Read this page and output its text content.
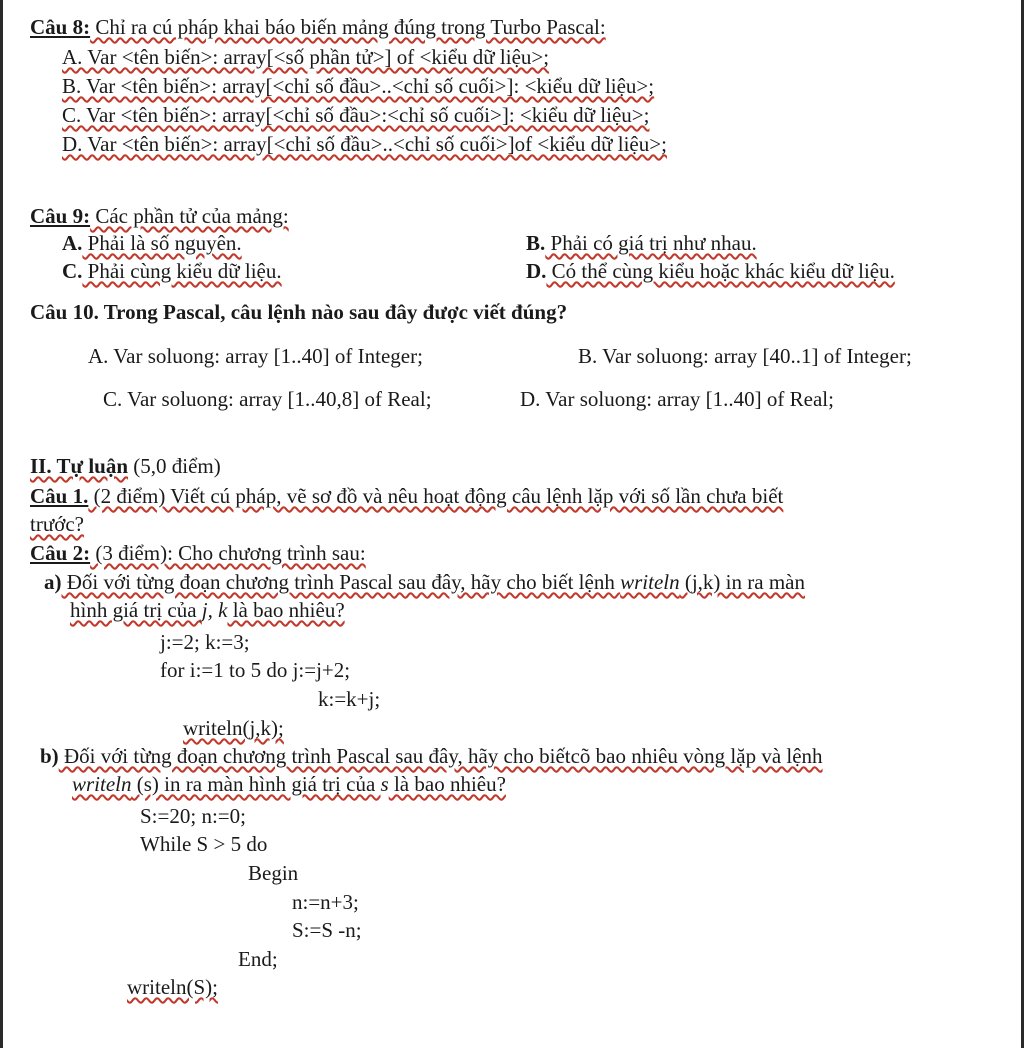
Câu 8: Chỉ ra cú pháp khai báo biến mảng đúng trong Turbo Pascal:
A. Var <tên biến>: array[<số phần tử>] of <kiểu dữ liệu>;
B. Var <tên biến>: array[<chỉ số đầu>..<chỉ số cuối>]: <kiểu dữ liệu>;
C. Var <tên biến>: array[<chỉ số đầu>:<chỉ số cuối>]: <kiểu dữ liệu>;
D. Var <tên biến>: array[<chỉ số đầu>..<chỉ số cuối>]of <kiểu dữ liệu>;
Câu 9: Các phần tử của mảng:
A. Phải là số nguyên.	B. Phải có giá trị như nhau.
C. Phải cùng kiểu dữ liệu.	D. Có thể cùng kiểu hoặc khác kiểu dữ liệu.
Câu 10. Trong Pascal, câu lệnh nào sau đây được viết đúng?
A. Var soluong: array [1..40] of Integer;	B. Var soluong: array [40..1] of Integer;
C. Var soluong: array [1..40,8] of Real;	D. Var soluong: array [1..40] of Real;
II. Tự luận (5,0 điểm)
Câu 1. (2 điểm) Viết cú pháp, vẽ sơ đồ và nêu hoạt động câu lệnh lặp với số lần chưa biết
trước?
Câu 2: (3 điểm): Cho chương trình sau:
a) Đối với từng đoạn chương trình Pascal sau đây, hãy cho biết lệnh writeln (j,k) in ra màn
hình giá trị của j, k là bao nhiêu?
j:=2; k:=3;
for i:=1 to 5 do j:=j+2;
k:=k+j;
writeln(j,k);
b) Đối với từng đoạn chương trình Pascal sau đây, hãy cho biếtcõ bao nhiêu vòng lặp và lệnh
writeln (s) in ra màn hình giá trị của s là bao nhiêu?
S:=20; n:=0;
While S > 5 do
Begin
n:=n+3;
S:=S -n;
End;
writeln(S);
